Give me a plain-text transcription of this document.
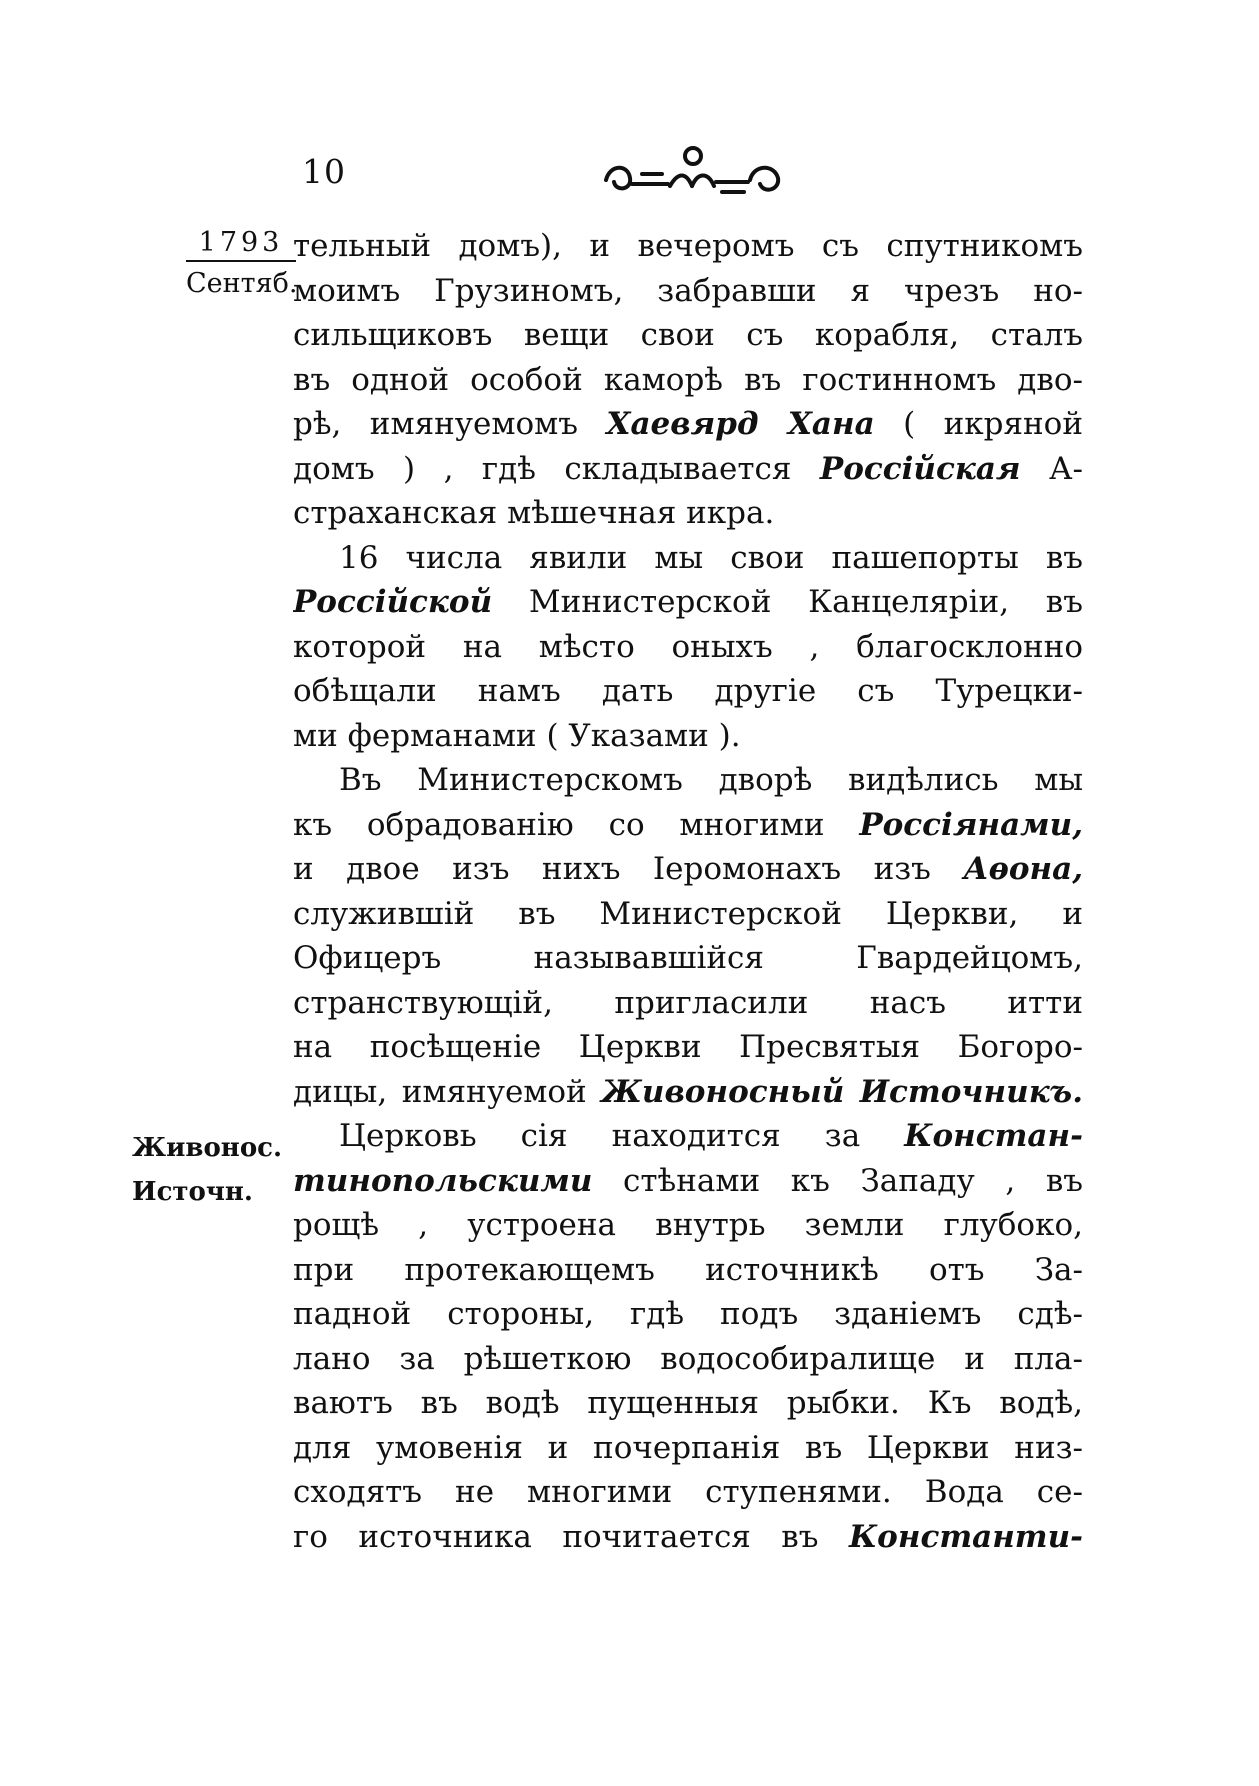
10
1793
Сентяб.
Живонос.
Источн.
тельный домъ), и вечеромъ съ спутникомъ
моимъ Грузиномъ, забравши я чрезъ но-
сильщиковъ вещи свои съ корабля, сталъ
въ одной особой каморѣ въ гостинномъ дво-
рѣ, имянуемомъ Хаевярд Хана ( икряной
домъ ) , гдѣ складывается Россійская А-
страханская мѣшечная икра.
16 числа явили мы свои пашепорты въ
Россійской Министерской Канцеляріи, въ
которой на мѣсто оныхъ , благосклонно
обѣщали намъ дать другіе съ Турецки-
ми ферманами ( Указами ).
Въ Министерскомъ дворѣ видѣлись мы
къ обрадованію со многими Россіянами,
и двое изъ нихъ Іеромонахъ изъ Аѳона,
служившій въ Министерской Церкви, и
Офицеръ называвшійся Гвардейцомъ,
странствующій, пригласили насъ итти
на посѣщеніе Церкви Пресвятыя Богоро-
дицы, имянуемой Живоносный Источникъ.
Церковь сія находится за Констан-
тинопольскими стѣнами къ Западу , въ
рощѣ , устроена внутрь земли глубоко,
при протекающемъ источникѣ отъ За-
падной стороны, гдѣ подъ зданіемъ сдѣ-
лано за рѣшеткою водособиралище и пла-
ваютъ въ водѣ пущенныя рыбки. Къ водѣ,
для умовенія и почерпанія въ Церкви низ-
сходятъ не многими ступенями. Вода се-
го источника почитается въ Константи-
